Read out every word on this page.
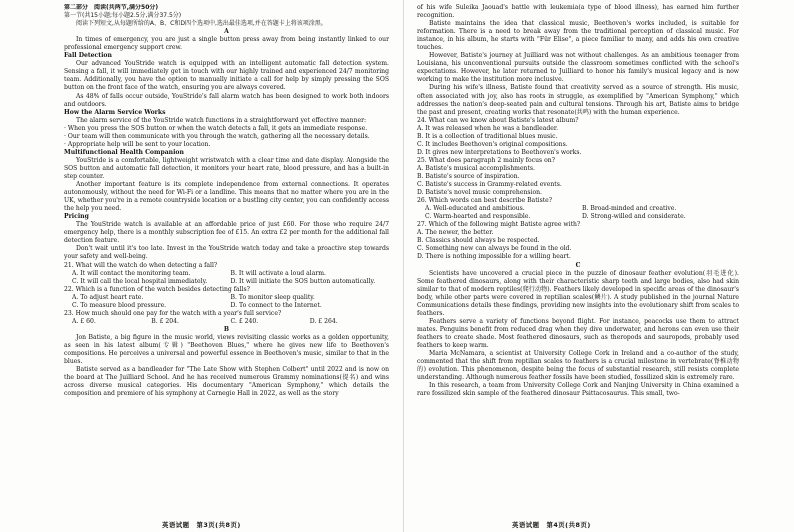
第二部分　阅读(共两节,满分50分)

第一节(共15小题;每小题2.5分,满分37.5分)

阅读下列短文,从每题所给的A、B、C和D四个选项中,选出最佳选项,并在答题卡上将该项涂黑。

A

In times of emergency, you are just a single button press away from being instantly linked to our professional emergency support crew.

Fall Detection

Our advanced YouStride watch is equipped with an intelligent automatic fall detection system. Sensing a fall, it will immediately get in touch with our highly trained and experienced 24/7 monitoring team. Additionally, you have the option to manually initiate a call for help by simply pressing the SOS button on the front face of the watch, ensuring you are always covered.

As 48% of falls occur outside, YouStride's fall alarm watch has been designed to work both indoors and outdoors.

How the Alarm Service Works

The alarm service of the YouStride watch functions in a straightforward yet effective manner:

· When you press the SOS button or when the watch detects a fall, it gets an immediate response.

· Our team will then communicate with you through the watch, gathering all the necessary details.

· Appropriate help will be sent to your location.

Multifunctional Health Companion

YouStride is a comfortable, lightweight wristwatch with a clear time and date display. Alongside the SOS button and automatic fall detection, it monitors your heart rate, blood pressure, and has a built-in step counter.

Another important feature is its complete independence from external connections. It operates autonomously, without the need for Wi-Fi or a landline. This means that no matter where you are in the UK, whether you're in a remote countryside location or a bustling city center, you can confidently access the help you need.

Pricing

The YouStride watch is available at an affordable price of just £60. For those who require 24/7 emergency help, there is a monthly subscription fee of £15. An extra £2 per month for the additional fall detection feature.

Don't wait until it's too late. Invest in the YouStride watch today and take a proactive step towards your safety and well-being.

21. What will the watch do when detecting a fall?

A. It will contact the monitoring team.	B. It will activate a loud alarm.
C. It will call the local hospital immediately.	D. It will initiate the SOS button automatically.

22. Which is a function of the watch besides detecting falls?

A. To adjust heart rate.	B. To monitor sleep quality.
C. To measure blood pressure.	D. To connect to the Internet.

23. How much should one pay for the watch with a year's full service?

A. £ 60.	B. £ 204.	C. £ 240.	D. £ 264.

B

Jon Batiste, a big figure in the music world, views revisiting classic works as a golden opportunity, as seen in his latest album(专辑) "Beethoven Blues," where he gives new life to Beethoven's compositions. He perceives a universal and powerful essence in Beethoven's music, similar to that in the blues.

Batiste served as a bandleader for "The Late Show with Stephen Colbert" until 2022 and is now on the board at The Juilliard School. And he has received numerous Grammy nominations(提名) and wins across diverse musical categories. His documentary "American Symphony," which details the composition and premiere of his symphony at Carnegie Hall in 2022, as well as the story

of his wife Suleika Jaouad's battle with leukemia(a type of blood illness), has earned him further recognition.

Batiste maintains the idea that classical music, Beethoven's works included, is suitable for reformation. There is a need to break away from the traditional perception of classical music. For instance, in his album, he starts with "Für Elise", a piece familiar to many, and adds his own creative touches.

However, Batiste's journey at Juilliard was not without challenges. As an ambitious teenager from Louisiana, his unconventional pursuits outside the classroom sometimes conflicted with the school's expectations. However, he later returned to Juilliard to honor his family's musical legacy and is now working to make the institution more inclusive.

During his wife's illness, Batiste found that creativity served as a source of strength. His music, often associated with joy, also has roots in struggle, as exemplified by "American Symphony," which addresses the nation's deep-seated pain and cultural tensions. Through his art, Batiste aims to bridge the past and present, creating works that resonate(共鸣) with the human experience.

24. What can we know about Batiste's latest album?

A. It was released when he was a bandleader.

B. It is a collection of traditional blues music.

C. It includes Beethoven's original compositions.

D. It gives new interpretations to Beethoven's works.

25. What does paragraph 2 mainly focus on?

A. Batiste's musical accomplishments.

B. Batiste's source of inspiration.

C. Batiste's success in Grammy-related events.

D. Batiste's novel music comprehension.

26. Which words can best describe Batiste?

A. Well-educated and ambitious.	B. Broad-minded and creative.
C. Warm-hearted and responsible.	D. Strong-willed and considerate.

27. Which of the following might Batiste agree with?

A. The newer, the better.

B. Classics should always be respected.

C. Something new can always be found in the old.

D. There is nothing impossible for a willing heart.

C

Scientists have uncovered a crucial piece in the puzzle of dinosaur feather evolution(羽毛进化). Some feathered dinosaurs, along with their characteristic sharp teeth and large bodies, also had skin similar to that of modern reptiles(爬行动物). Feathers likely developed in specific areas of the dinosaur's body, while other parts were covered in reptilian scales(鳞片). A study published in the journal Nature Communications details these findings, providing new insights into the evolutionary shift from scales to feathers.

Feathers serve a variety of functions beyond flight. For instance, peacocks use them to attract mates. Penguins benefit from reduced drag when they dive underwater, and herons can even use their feathers to create shade. Most feathered dinosaurs, such as theropods and sauropods, probably used feathers to keep warm.

Maria McNamara, a scientist at University College Cork in Ireland and a co-author of the study, commented that the shift from reptilian scales to feathers is a crucial milestone in vertebrate(脊椎动物的) evolution. This phenomenon, despite being the focus of substantial research, still resists complete understanding. Although numerous feather fossils have been studied, fossilized skin is extremely rare.

In this research, a team from University College Cork and Nanjing University in China examined a rare fossilized skin sample of the feathered dinosaur Psittacosaurus. This small, two-

英语试题　第3页(共8页)	英语试题　第4页(共8页)
